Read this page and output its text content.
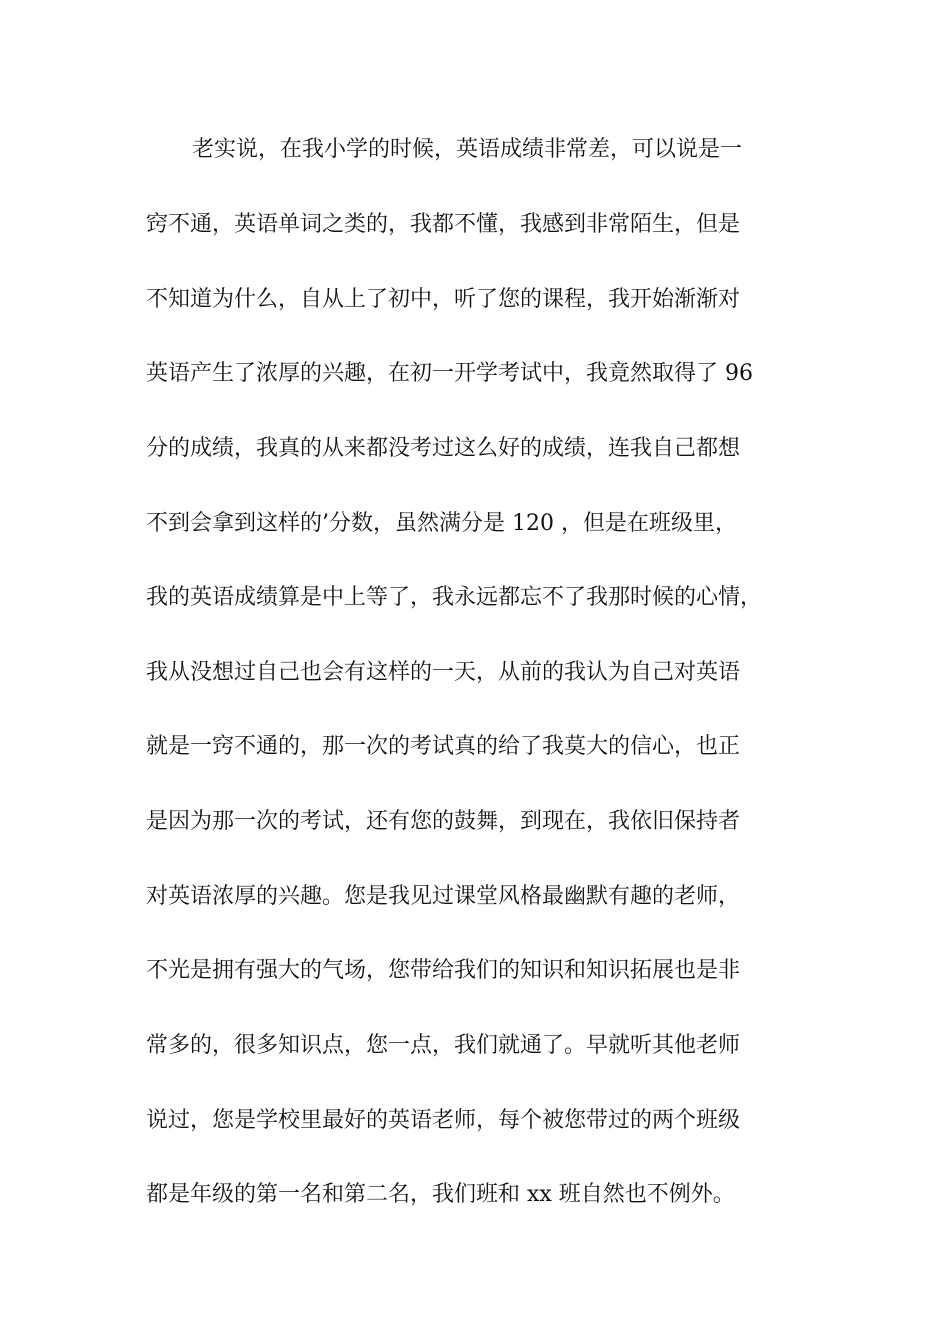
老实说，在我小学的时候，英语成绩非常差，可以说是一
窍不通，英语单词之类的，我都不懂，我感到非常陌生，但是
不知道为什么，自从上了初中，听了您的课程，我开始渐渐对
英语产生了浓厚的兴趣，在初一开学考试中，我竟然取得了 96
分的成绩，我真的从来都没考过这么好的成绩，连我自己都想
不到会拿到这样的’分数，虽然满分是 120 ，但是在班级里，
我的英语成绩算是中上等了，我永远都忘不了我那时候的心情，
我从没想过自己也会有这样的一天，从前的我认为自己对英语
就是一窍不通的，那一次的考试真的给了我莫大的信心，也正
是因为那一次的考试，还有您的鼓舞，到现在，我依旧保持者
对英语浓厚的兴趣。您是我见过课堂风格最幽默有趣的老师，
不光是拥有强大的气场，您带给我们的知识和知识拓展也是非
常多的，很多知识点，您一点，我们就通了。早就听其他老师
说过，您是学校里最好的英语老师，每个被您带过的两个班级
都是年级的第一名和第二名，我们班和 xx 班自然也不例外。
